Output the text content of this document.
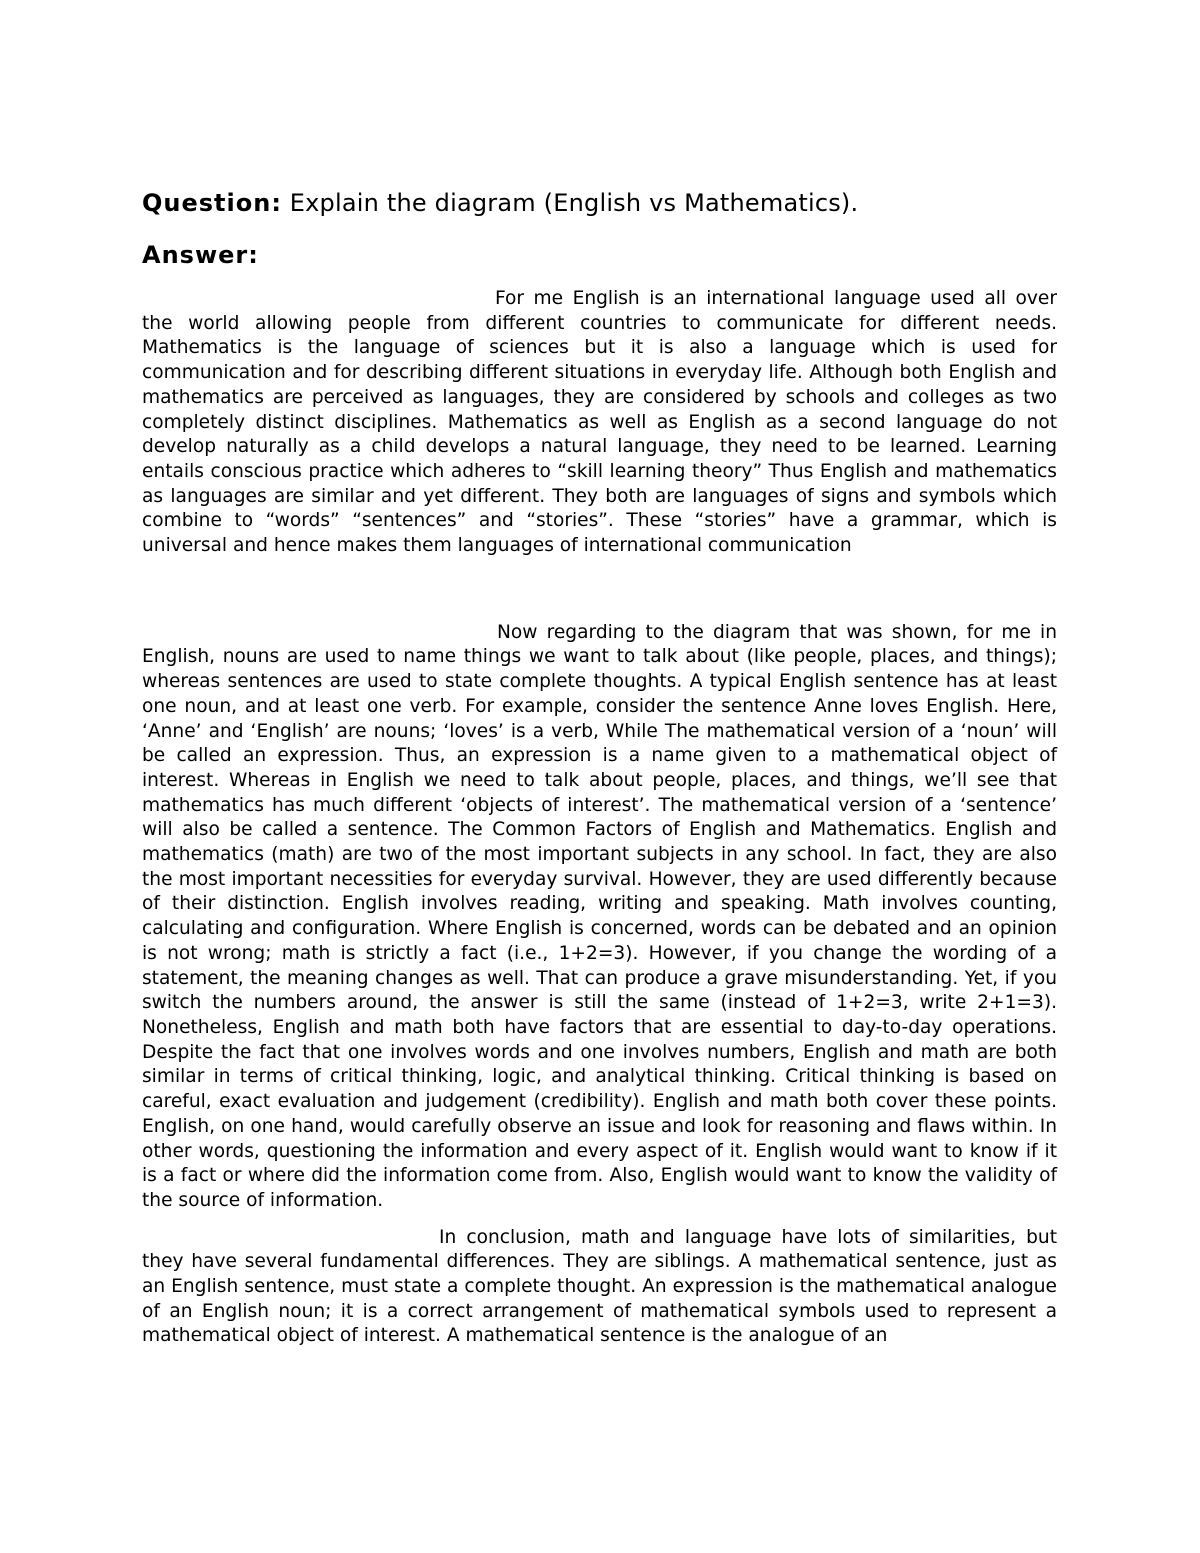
Question: Explain the diagram (English vs Mathematics).

Answer:

For me English is an international language used all over the world allowing people from different countries to communicate for different needs. Mathematics is the language of sciences but it is also a language which is used for communication and for describing different situations in everyday life. Although both English and mathematics are perceived as languages, they are considered by schools and colleges as two completely distinct disciplines. Mathematics as well as English as a second language do not develop naturally as a child develops a natural language, they need to be learned. Learning entails conscious practice which adheres to “skill learning theory” Thus English and mathematics as languages are similar and yet different. They both are languages of signs and symbols which combine to “words” “sentences” and “stories”. These “stories” have a grammar, which is universal and hence makes them languages of international communication

Now regarding to the diagram that was shown, for me in English, nouns are used to name things we want to talk about (like people, places, and things); whereas sentences are used to state complete thoughts. A typical English sentence has at least one noun, and at least one verb. For example, consider the sentence Anne loves English. Here, ‘Anne’ and ‘English’ are nouns; ‘loves’ is a verb, While The mathematical version of a ‘noun’ will be called an expression. Thus, an expression is a name given to a mathematical object of interest. Whereas in English we need to talk about people, places, and things, we’ll see that mathematics has much different ‘objects of interest’. The mathematical version of a ‘sentence’ will also be called a sentence. The Common Factors of English and Mathematics. English and mathematics (math) are two of the most important subjects in any school. In fact, they are also the most important necessities for everyday survival. However, they are used differently because of their distinction. English involves reading, writing and speaking. Math involves counting, calculating and configuration. Where English is concerned, words can be debated and an opinion is not wrong; math is strictly a fact (i.e., 1+2=3). However, if you change the wording of a statement, the meaning changes as well. That can produce a grave misunderstanding. Yet, if you switch the numbers around, the answer is still the same (instead of 1+2=3, write 2+1=3). Nonetheless, English and math both have factors that are essential to day-to-day operations. Despite the fact that one involves words and one involves numbers, English and math are both similar in terms of critical thinking, logic, and analytical thinking. Critical thinking is based on careful, exact evaluation and judgement (credibility). English and math both cover these points. English, on one hand, would carefully observe an issue and look for reasoning and flaws within. In other words, questioning the information and every aspect of it. English would want to know if it is a fact or where did the information come from. Also, English would want to know the validity of the source of information.

In conclusion, math and language have lots of similarities, but they have several fundamental differences. They are siblings. A mathematical sentence, just as an English sentence, must state a complete thought. An expression is the mathematical analogue of an English noun; it is a correct arrangement of mathematical symbols used to represent a mathematical object of interest. A mathematical sentence is the analogue of an
